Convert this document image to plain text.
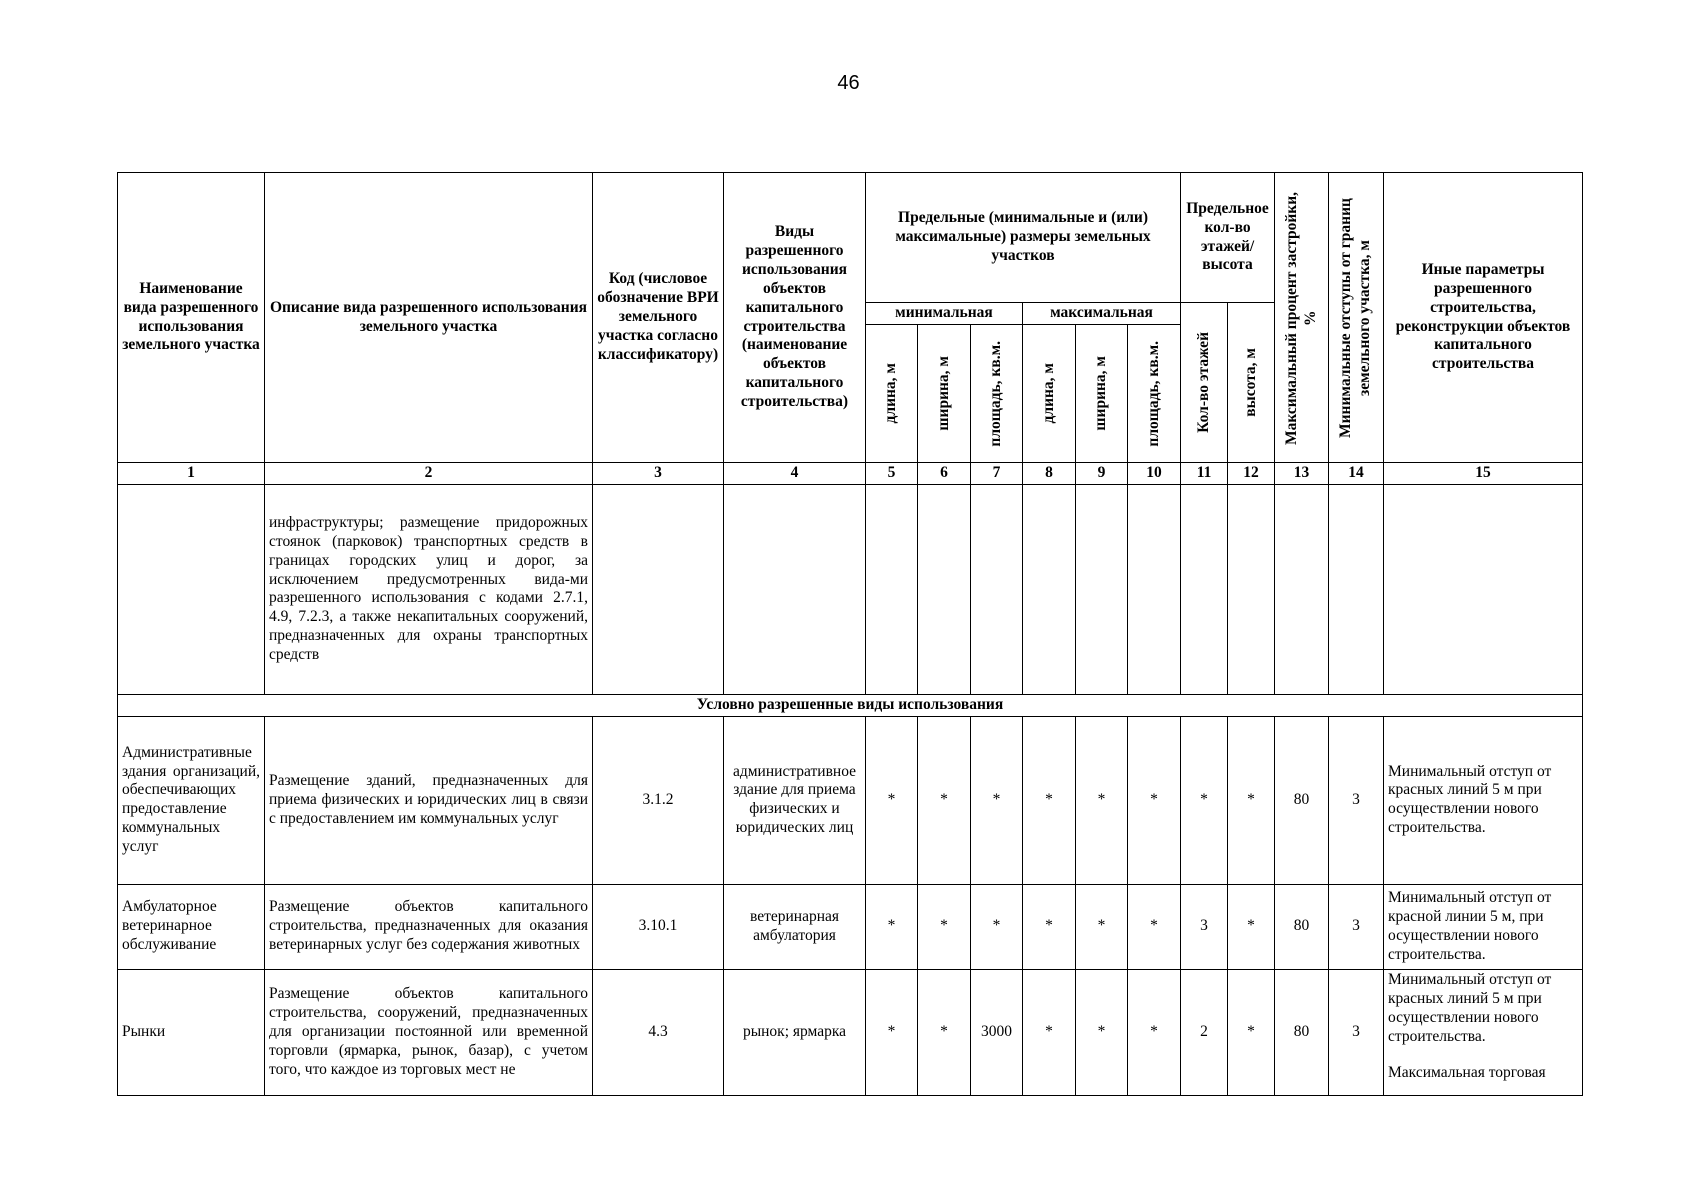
46
Наименование вида разрешенного использования земельного участка	Описание вида разрешенного использования земельного участка	Код (числовое обозначение ВРИ земельного участка согласно классификатору)	Виды разрешенного использования объектов капитального строительства (наименование объектов капитального строительства)	Предельные (минимальные и (или) максимальные) размеры земельных участков						Предельное кол-во этажей/ высота		Максимальный процент застройки, %	Минимальные отступы от границ земельного участка, м	Иные параметры разрешенного строительства, реконструкции объектов капитального строительства
				минимальная			максимальная			Кол-во этажей	высота, м			

				длина, м	ширина, м	площадь, кв.м.	длина, м	ширина, м	площадь, кв.м.					

1	2	3	4	5	6	7	8	9	10	11	12	13	14	15
	инфраструктуры; размещение придорожных стоянок (парковок) транспортных средств в границах городских улиц и дорог, за исключением предусмотренных вида-ми разрешенного использования с кодами 2.7.1, 4.9, 7.2.3, а также некапитальных сооружений, предназначенных для охраны транспортных средств													
Условно разрешенные виды использования														
Административные здания организаций, обеспечивающих предоставление коммунальных услуг	Размещение зданий, предназначенных для приема физических и юридических лиц в связи с предоставлением им коммунальных услуг	3.1.2	административное здание для приема физических и юридических лиц	*	*	*	*	*	*	*	*	80	3	Минимальный отступ от красных линий 5 м при осуществлении нового строительства.
Амбулаторное ветеринарное обслуживание	Размещение объектов капитального строительства, предназначенных для оказания ветеринарных услуг без содержания животных	3.10.1	ветеринарная амбулатория	*	*	*	*	*	*	3	*	80	3	Минимальный отступ от красной линии 5 м, при осуществлении нового строительства.
Рынки	Размещение объектов капитального строительства, сооружений, предназначенных для организации постоянной или временной торговли (ярмарка, рынок, базар), с учетом того, что каждое из торговых мест не	4.3	рынок; ярмарка	*	*	3000	*	*	*	2	*	80	3	Минимальный отступ от красных линий 5 м при осуществлении нового строительства.
Максимальная торговая
